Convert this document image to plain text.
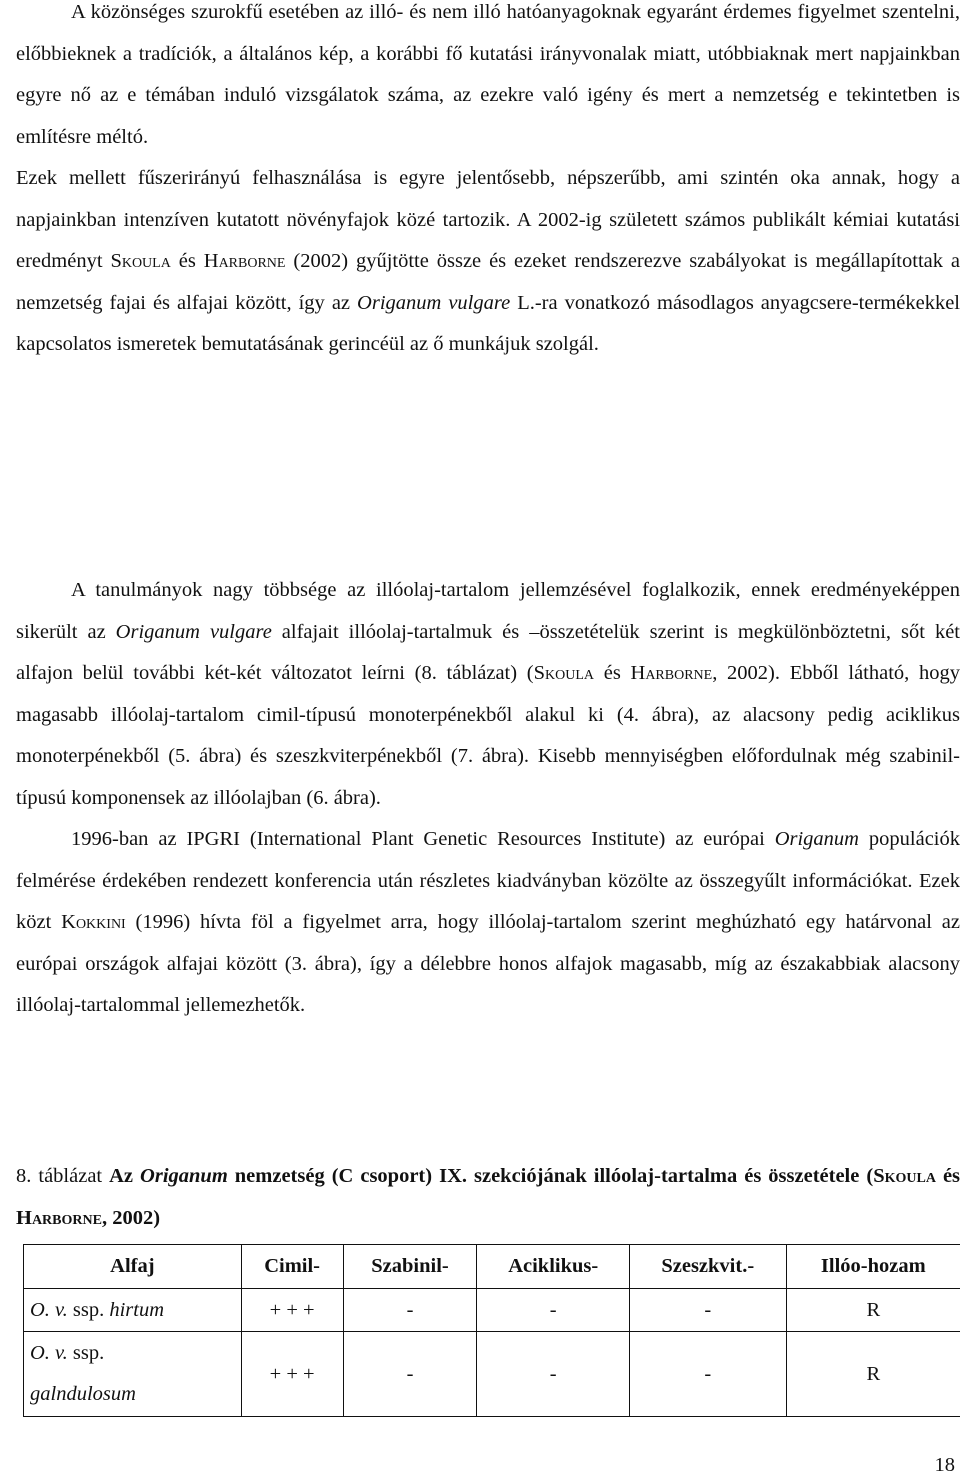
A közönséges szurokfű esetében az illó- és nem illó hatóanyagoknak egyaránt érdemes figyelmet szentelni, előbbieknek a tradíciók, a általános kép, a korábbi fő kutatási irányvonalak miatt, utóbbiaknak mert napjainkban egyre nő az e témában induló vizsgálatok száma, az ezekre való igény és mert a nemzetség e tekintetben is említésre méltó.

Ezek mellett fűszerirányú felhasználása is egyre jelentősebb, népszerűbb, ami szintén oka annak, hogy a napjainkban intenzíven kutatott növényfajok közé tartozik. A 2002-ig született számos publikált kémiai kutatási eredményt Skoula és Harborne (2002) gyűjtötte össze és ezeket rendszerezve szabályokat is megállapítottak a nemzetség fajai és alfajai között, így az Origanum vulgare L.-ra vonatkozó másodlagos anyagcsere-termékekkel kapcsolatos ismeretek bemutatásának gerincéül az ő munkájuk szolgál.

A tanulmányok nagy többsége az illóolaj-tartalom jellemzésével foglalkozik, ennek eredményeképpen sikerült az Origanum vulgare alfajait illóolaj-tartalmuk és –összetételük szerint is megkülönböztetni, sőt két alfajon belül további két-két változatot leírni (8. táblázat) (Skoula és Harborne, 2002). Ebből látható, hogy magasabb illóolaj-tartalom cimil-típusú monoterpénekből alakul ki (4. ábra), az alacsony pedig aciklikus monoterpénekből (5. ábra) és szeszkviterpénekből (7. ábra). Kisebb mennyiségben előfordulnak még szabinil-típusú komponensek az illóolajban (6. ábra).

1996-ban az IPGRI (International Plant Genetic Resources Institute) az európai Origanum populációk felmérése érdekében rendezett konferencia után részletes kiadványban közölte az összegyűlt információkat. Ezek közt Kokkini (1996) hívta föl a figyelmet arra, hogy illóolaj-tartalom szerint meghúzható egy határvonal az európai országok alfajai között (3. ábra), így a délebbre honos alfajok magasabb, míg az északabbiak alacsony illóolaj-tartalommal jellemezhetők.

8. táblázat Az Origanum nemzetség (C csoport) IX. szekciójának illóolaj-tartalma és összetétele (Skoula és Harborne, 2002)

Alfaj	Cimil-	Szabinil-	Aciklikus-	Szeszkvit.-	Illóo-hozam
O. v. ssp. hirtum	+ + +	-	-	-	R

O. v. ssp.
galndulosum	+ + +	-	-	-	R
18
